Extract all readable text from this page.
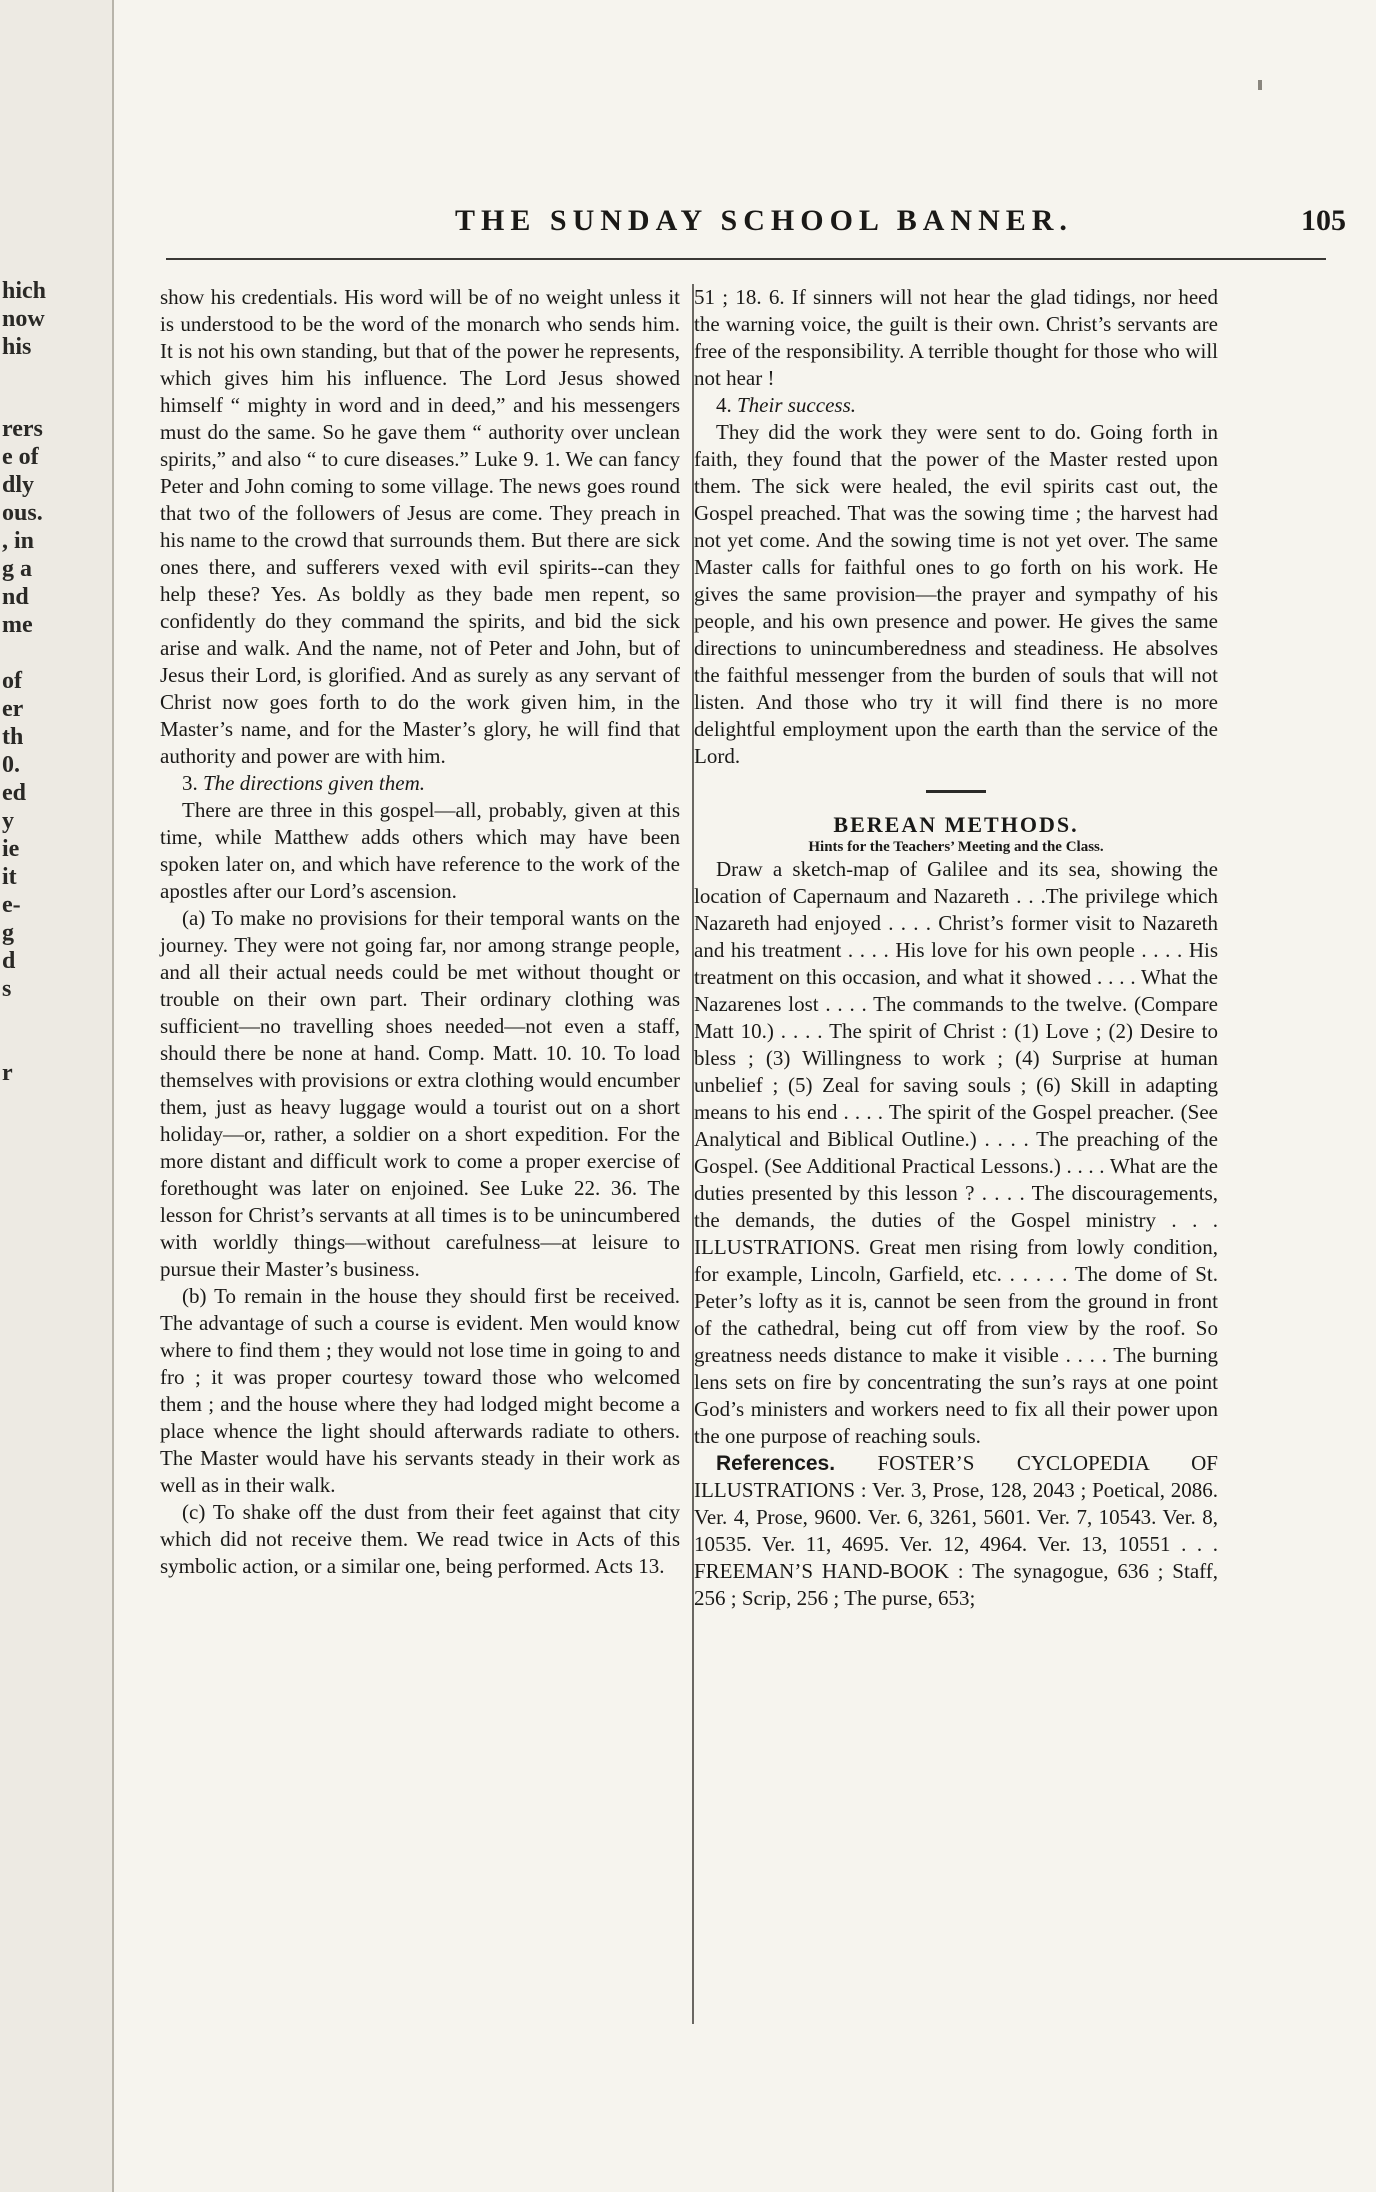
hich
now
his
rers
e of
dly
ous.
, in
g a
nd
me
of
er
th
0.
ed
y
ie
it
e-
g
d
s
r
THE SUNDAY SCHOOL BANNER.	105

show his credentials. His word will be of no weight unless it is understood to be the word of the monarch who sends him. It is not his own standing, but that of the power he represents, which gives him his influence. The Lord Jesus showed himself “ mighty in word and in deed,” and his messengers must do the same. So he gave them “ authority over unclean spirits,” and also “ to cure diseases.” Luke 9. 1. We can fancy Peter and John coming to some village. The news goes round that two of the followers of Jesus are come. They preach in his name to the crowd that surrounds them. But there are sick ones there, and sufferers vexed with evil spirits--can they help these? Yes. As boldly as they bade men repent, so confidently do they command the spirits, and bid the sick arise and walk. And the name, not of Peter and John, but of Jesus their Lord, is glorified. And as surely as any servant of Christ now goes forth to do the work given him, in the Master’s name, and for the Master’s glory, he will find that authority and power are with him.

3. The directions given them.

There are three in this gospel—all, probably, given at this time, while Matthew adds others which may have been spoken later on, and which have reference to the work of the apostles after our Lord’s ascension.

(a) To make no provisions for their temporal wants on the journey. They were not going far, nor among strange people, and all their actual needs could be met without thought or trouble on their own part. Their ordinary clothing was sufficient—no travelling shoes needed—not even a staff, should there be none at hand. Comp. Matt. 10. 10. To load themselves with provisions or extra clothing would encumber them, just as heavy luggage would a tourist out on a short holiday—or, rather, a soldier on a short expedition. For the more distant and difficult work to come a proper exercise of forethought was later on enjoined. See Luke 22. 36. The lesson for Christ’s servants at all times is to be unincumbered with worldly things—without carefulness—at leisure to pursue their Master’s business.

(b) To remain in the house they should first be received. The advantage of such a course is evident. Men would know where to find them ; they would not lose time in going to and fro ; it was proper courtesy toward those who welcomed them ; and the house where they had lodged might become a place whence the light should afterwards radiate to others. The Master would have his servants steady in their work as well as in their walk.

(c) To shake off the dust from their feet against that city which did not receive them. We read twice in Acts of this symbolic action, or a similar one, being performed. Acts 13.

51 ; 18. 6. If sinners will not hear the glad tidings, nor heed the warning voice, the guilt is their own. Christ’s servants are free of the responsibility. A terrible thought for those who will not hear !

4. Their success.

They did the work they were sent to do. Going forth in faith, they found that the power of the Master rested upon them. The sick were healed, the evil spirits cast out, the Gospel preached. That was the sowing time ; the harvest had not yet come. And the sowing time is not yet over. The same Master calls for faithful ones to go forth on his work. He gives the same provision—the prayer and sympathy of his people, and his own presence and power. He gives the same directions to unincumberedness and steadiness. He absolves the faithful messenger from the burden of souls that will not listen. And those who try it will find there is no more delightful employment upon the earth than the service of the Lord.

BEREAN METHODS.

Hints for the Teachers’ Meeting and the Class.

Draw a sketch-map of Galilee and its sea, showing the location of Capernaum and Nazareth . . .The privilege which Nazareth had enjoyed . . . . Christ’s former visit to Nazareth and his treatment . . . . His love for his own people . . . . His treatment on this occasion, and what it showed . . . . What the Nazarenes lost . . . . The commands to the twelve. (Compare Matt 10.) . . . . The spirit of Christ : (1) Love ; (2) Desire to bless ; (3) Willingness to work ; (4) Surprise at human unbelief ; (5) Zeal for saving souls ; (6) Skill in adapting means to his end . . . . The spirit of the Gospel preacher. (See Analytical and Biblical Outline.) . . . . The preaching of the Gospel. (See Additional Practical Lessons.) . . . . What are the duties presented by this lesson ? . . . . The discouragements, the demands, the duties of the Gospel ministry . . . ILLUSTRATIONS. Great men rising from lowly condition, for example, Lincoln, Garfield, etc. . . . . . The dome of St. Peter’s lofty as it is, cannot be seen from the ground in front of the cathedral, being cut off from view by the roof. So greatness needs distance to make it visible . . . . The burning lens sets on fire by concentrating the sun’s rays at one point God’s ministers and workers need to fix all their power upon the one purpose of reaching souls.

References. FOSTER’S CYCLOPEDIA OF ILLUSTRATIONS : Ver. 3, Prose, 128, 2043 ; Poetical, 2086. Ver. 4, Prose, 9600. Ver. 6, 3261, 5601. Ver. 7, 10543. Ver. 8, 10535. Ver. 11, 4695. Ver. 12, 4964. Ver. 13, 10551 . . . FREEMAN’S HAND-BOOK : The synagogue, 636 ; Staff, 256 ; Scrip, 256 ; The purse, 653;
